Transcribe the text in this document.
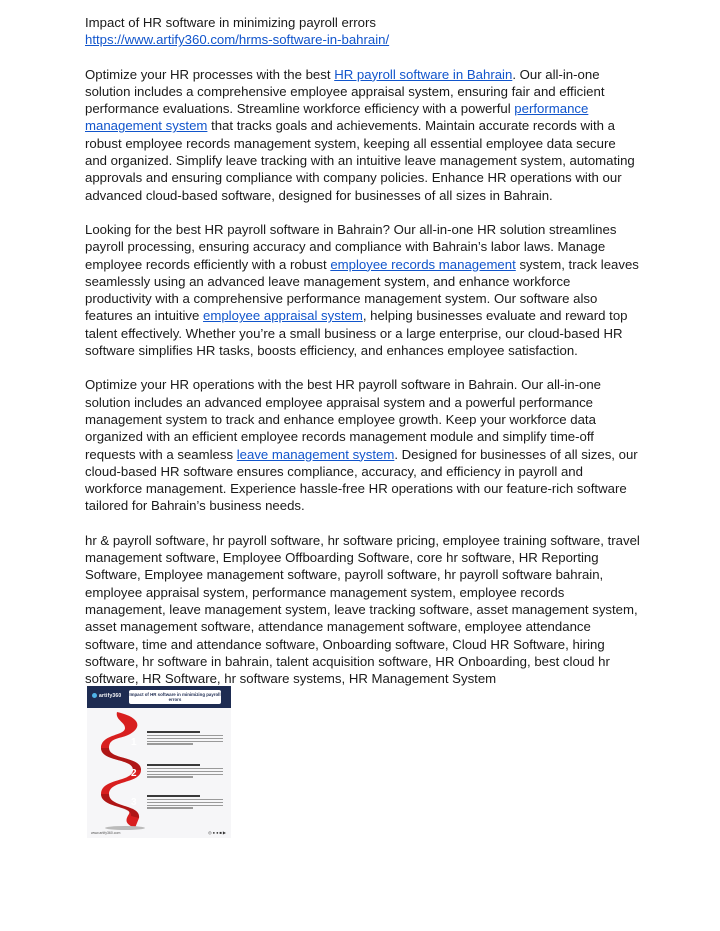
Impact of HR software in minimizing payroll errors

https://www.artify360.com/hrms-software-in-bahrain/

Optimize your HR processes with the best HR payroll software in Bahrain. Our all-in-one solution includes a comprehensive employee appraisal system, ensuring fair and efficient performance evaluations. Streamline workforce efficiency with a powerful performance management system that tracks goals and achievements. Maintain accurate records with a robust employee records management system, keeping all essential employee data secure and organized. Simplify leave tracking with an intuitive leave management system, automating approvals and ensuring compliance with company policies. Enhance HR operations with our advanced cloud-based software, designed for businesses of all sizes in Bahrain.

Looking for the best HR payroll software in Bahrain? Our all-in-one HR solution streamlines payroll processing, ensuring accuracy and compliance with Bahrain’s labor laws. Manage employee records efficiently with a robust employee records management system, track leaves seamlessly using an advanced leave management system, and enhance workforce productivity with a comprehensive performance management system. Our software also features an intuitive employee appraisal system, helping businesses evaluate and reward top talent effectively. Whether you’re a small business or a large enterprise, our cloud-based HR software simplifies HR tasks, boosts efficiency, and enhances employee satisfaction.

Optimize your HR operations with the best HR payroll software in Bahrain. Our all-in-one solution includes an advanced employee appraisal system and a powerful performance management system to track and enhance employee growth. Keep your workforce data organized with an efficient employee records management module and simplify time-off requests with a seamless leave management system. Designed for businesses of all sizes, our cloud-based HR software ensures compliance, accuracy, and efficiency in payroll and workforce management. Experience hassle-free HR operations with our feature-rich software tailored for Bahrain’s business needs.

hr & payroll software, hr payroll software, hr software pricing, employee training software, travel management software, Employee Offboarding Software, core hr software, HR Reporting Software, Employee management software, payroll software, hr payroll software bahrain, employee appraisal system, performance management system, employee records management, leave management system, leave tracking software, asset management system, asset management software, attendance management software, employee attendance software, time and attendance software, Onboarding software, Cloud HR Software, hiring software, hr software in bahrain, talent acquisition software, HR Onboarding, best cloud hr software, HR Software, hr software systems, HR Management System

artify360 Impact of HR software in minimizing payroll errors
1
2
3
www.artify360.com	◎●●■▶
